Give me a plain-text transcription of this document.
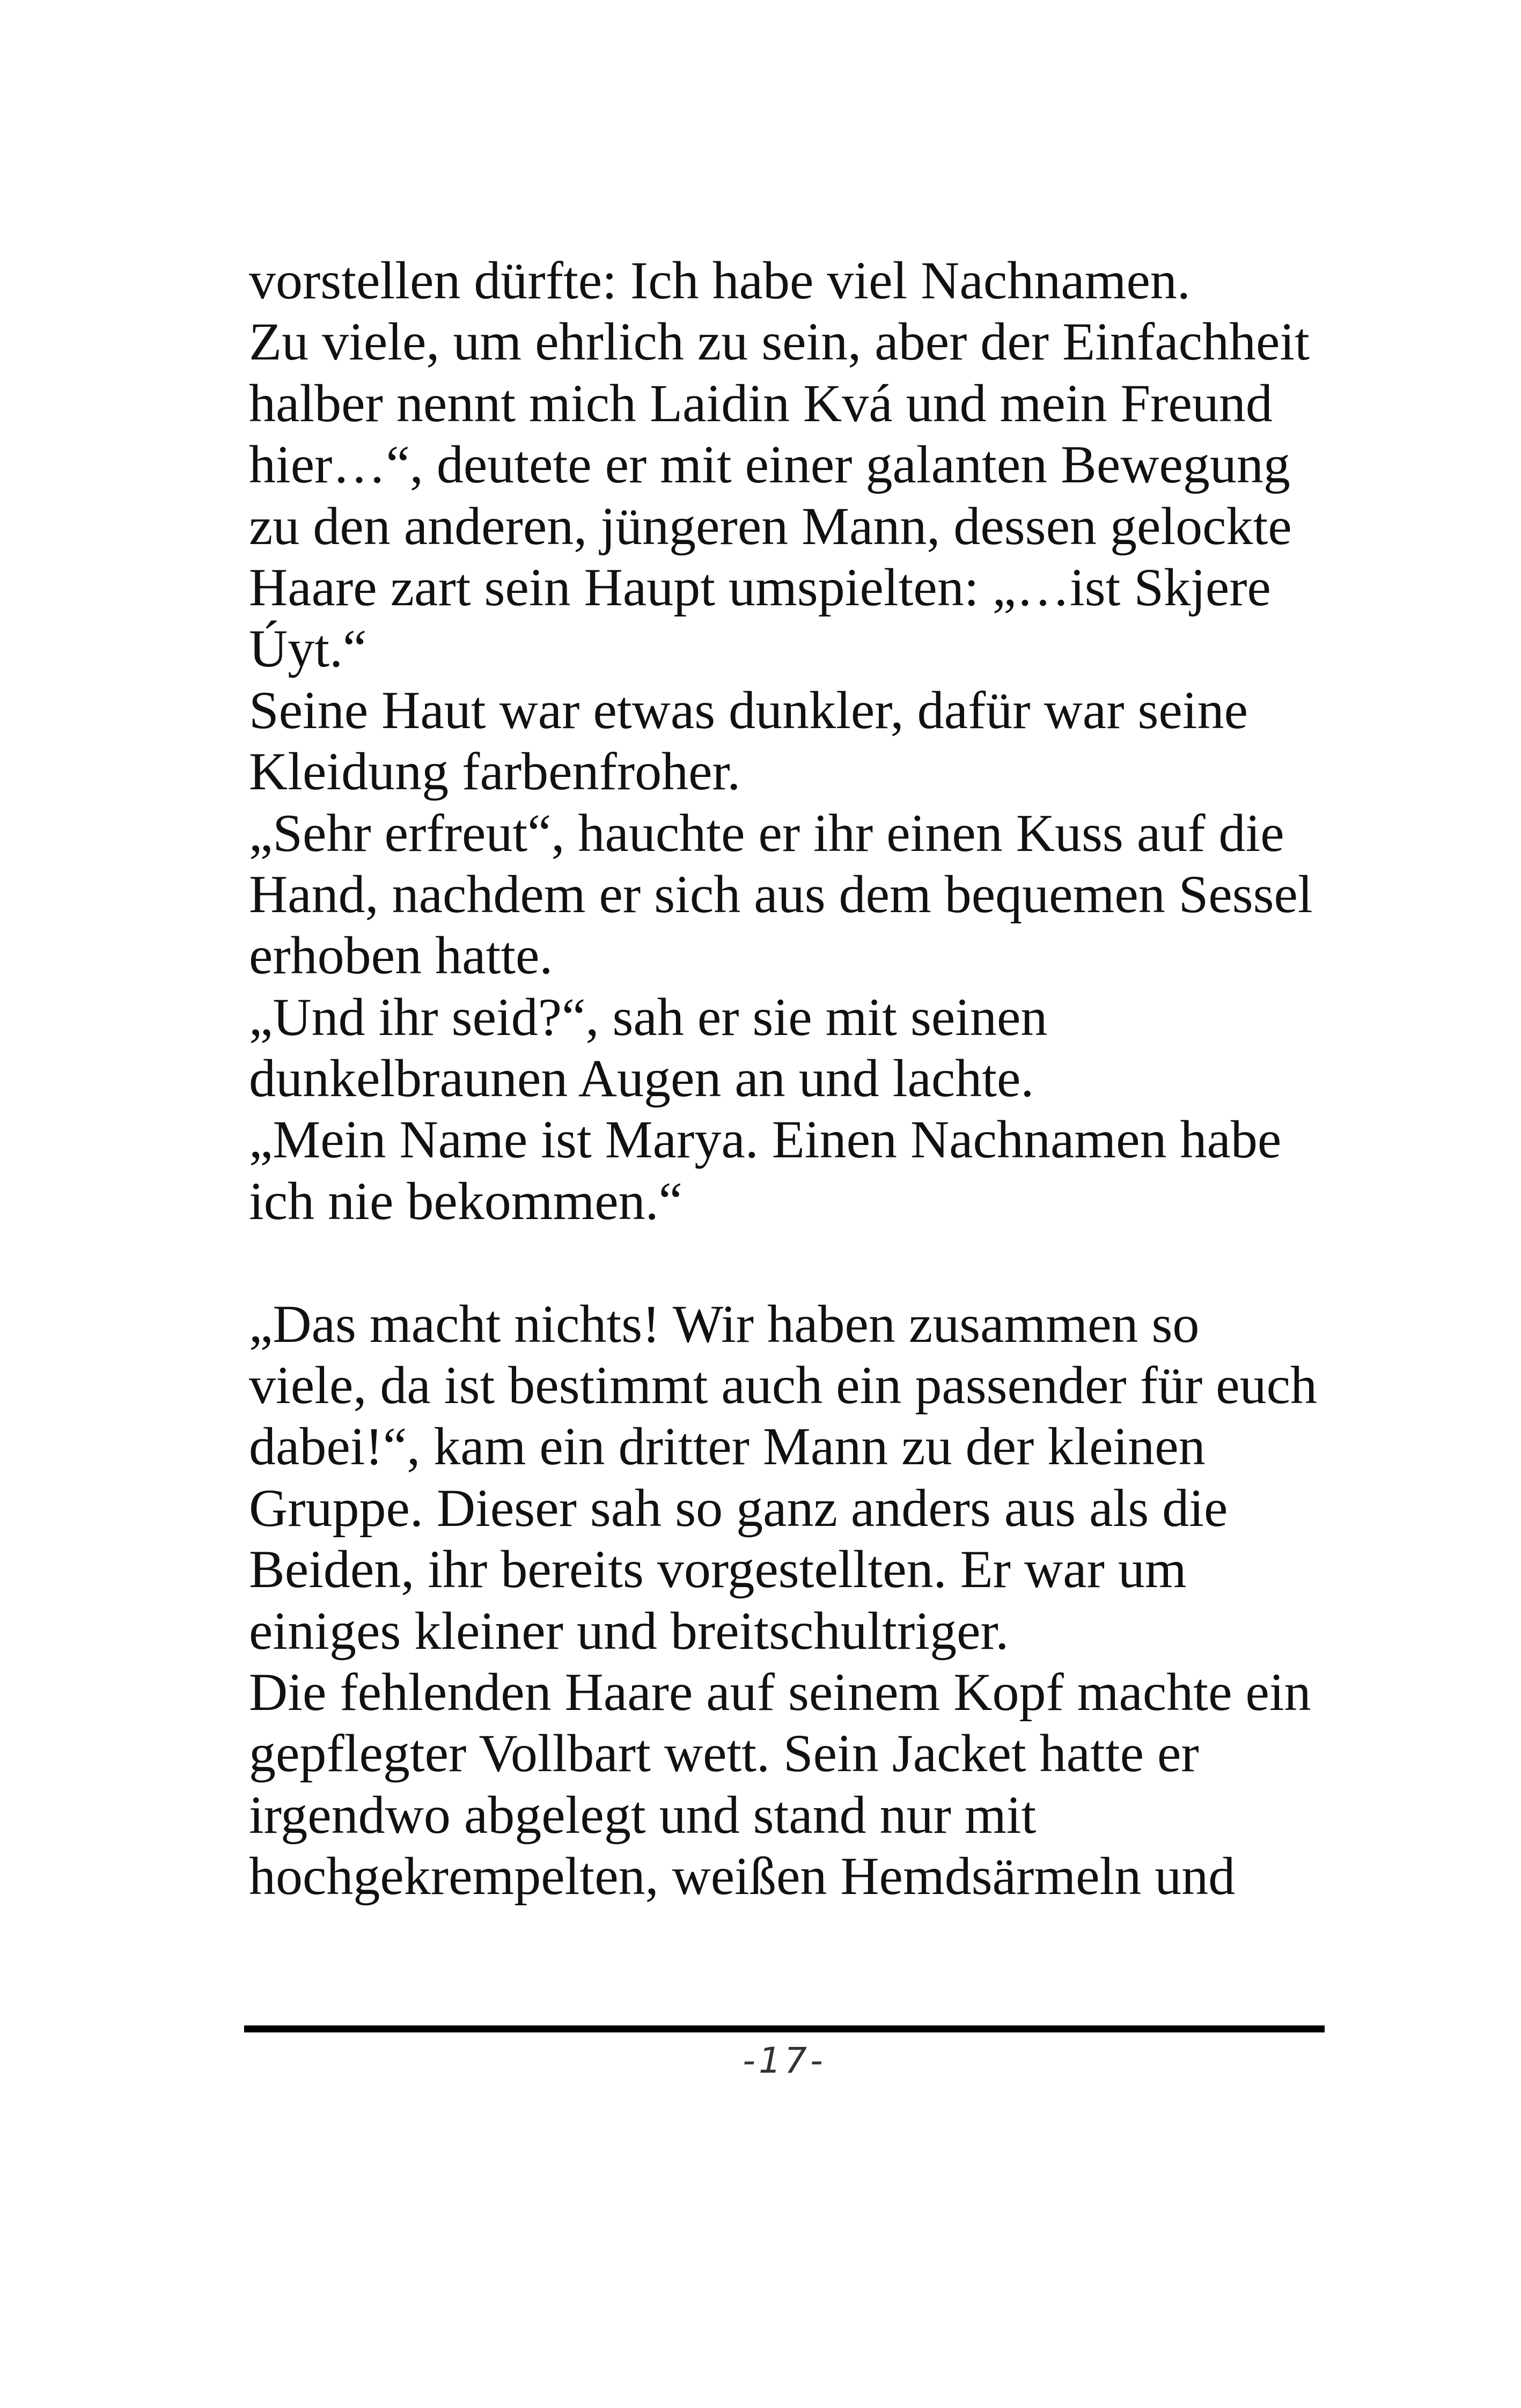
vorstellen dürfte: Ich habe viel Nachnamen.
Zu viele, um ehrlich zu sein, aber der Einfachheit
halber nennt mich Laidin Kvá und mein Freund
hier…“, deutete er mit einer galanten Bewegung
zu den anderen, jüngeren Mann, dessen gelockte
Haare zart sein Haupt umspielten: „…ist Skjere
Úyt.“
Seine Haut war etwas dunkler, dafür war seine
Kleidung farbenfroher.
„Sehr erfreut“, hauchte er ihr einen Kuss auf die
Hand, nachdem er sich aus dem bequemen Sessel
erhoben hatte.
„Und ihr seid?“, sah er sie mit seinen
dunkelbraunen Augen an und lachte.
„Mein Name ist Marya. Einen Nachnamen habe
ich nie bekommen.“
„Das macht nichts! Wir haben zusammen so
viele, da ist bestimmt auch ein passender für euch
dabei!“, kam ein dritter Mann zu der kleinen
Gruppe. Dieser sah so ganz anders aus als die
Beiden, ihr bereits vorgestellten. Er war um
einiges kleiner und breitschultriger.
Die fehlenden Haare auf seinem Kopf machte ein
gepflegter Vollbart wett. Sein Jacket hatte er
irgendwo abgelegt und stand nur mit
hochgekrempelten, weißen Hemdsärmeln und
-17-
